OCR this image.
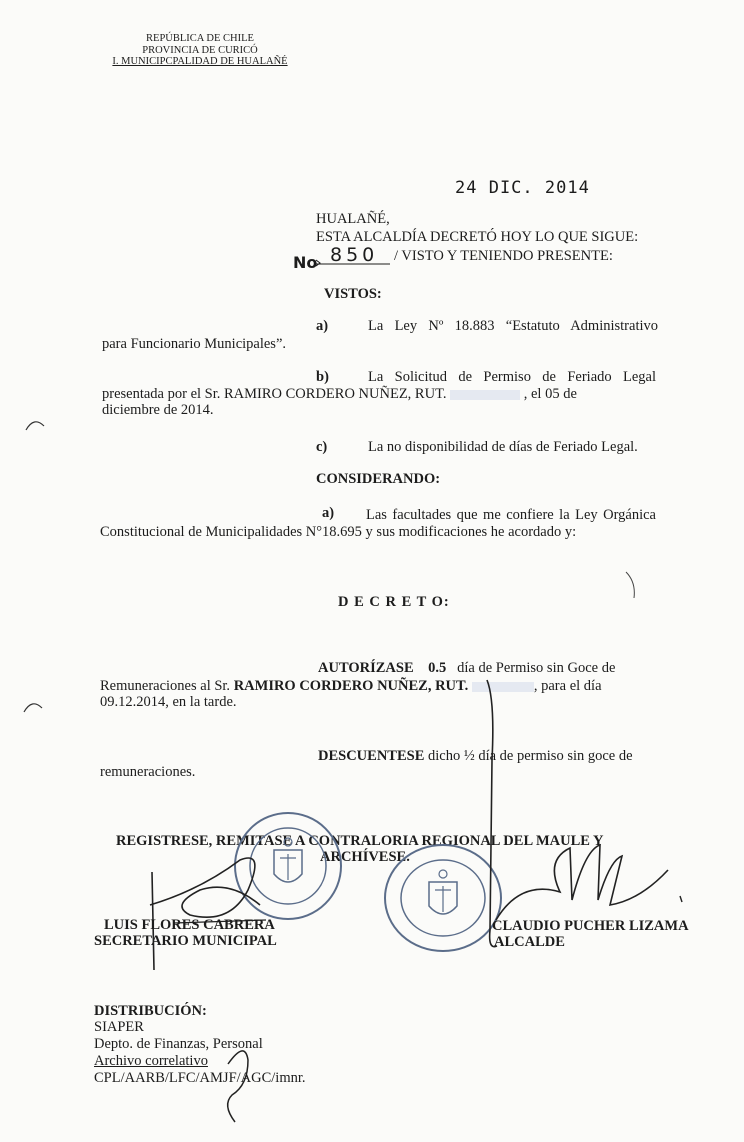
REPÚBLICA DE CHILE
PROVINCIA DE CURICÓ
I. MUNICIPCPALIDAD DE HUALAÑÉ
24 DIC. 2014
HUALAÑÉ,
ESTA ALCALDÍA DECRETÓ HOY LO QUE SIGUE:
No 850 / VISTO Y TENIENDO PRESENTE:
VISTOS:
a)	La Ley Nº 18.883 “Estatuto Administrativo
para Funcionario Municipales”.
b)	La Solicitud de Permiso de Feriado Legal
presentada por el Sr. RAMIRO CORDERO NUÑEZ, RUT.	, el 05 de
diciembre de 2014.
c)	La no disponibilidad de días de Feriado Legal.
CONSIDERANDO:
a) Las facultades que me confiere la Ley Orgánica
Constitucional de Municipalidades N°18.695 y sus modificaciones he acordado y:
D E C R E T O:
AUTORÍZASE 0.5 día de Permiso sin Goce de
Remuneraciones al Sr. RAMIRO CORDERO NUÑEZ, RUT.	, para el día
09.12.2014, en la tarde.
DESCUENTESE dicho ½ día de permiso sin goce de
remuneraciones.
REGISTRESE, REMITASE A CONTRALORIA REGIONAL DEL MAULE Y
ARCHÍVESE.
LUIS FLORES CABRERA
SECRETARIO MUNICIPAL
CLAUDIO PUCHER LIZAMA
ALCALDE
DISTRIBUCIÓN:
SIAPER
Depto. de Finanzas, Personal
Archivo correlativo
CPL/AARB/LFC/AMJF/AGC/imnr.
